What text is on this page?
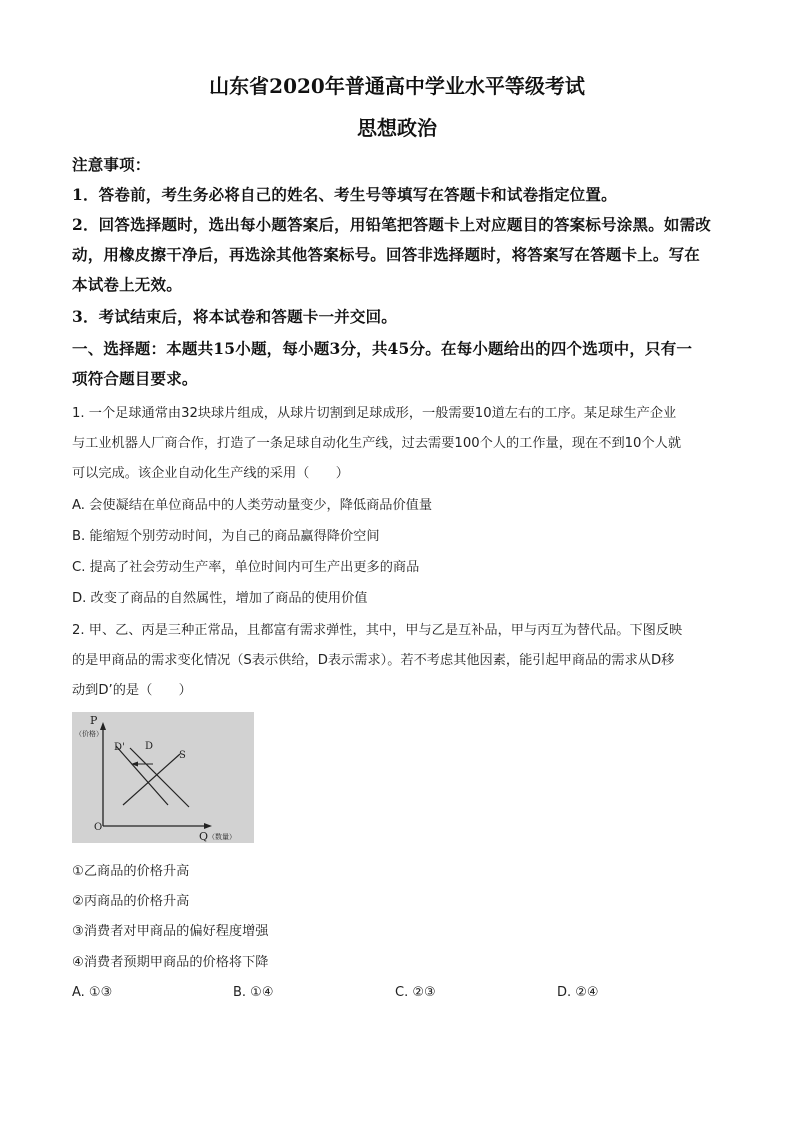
山东省2020年普通高中学业水平等级考试
思想政治
注意事项：
1．答卷前，考生务必将自己的姓名、考生号等填写在答题卡和试卷指定位置。
2．回答选择题时，选出每小题答案后，用铅笔把答题卡上对应题目的答案标号涂黑。如需改
动，用橡皮擦干净后，再选涂其他答案标号。回答非选择题时，将答案写在答题卡上。写在
本试卷上无效。
3．考试结束后，将本试卷和答题卡一并交回。
一、选择题：本题共15小题，每小题3分，共45分。在每小题给出的四个选项中，只有一
项符合题目要求。
1. 一个足球通常由32块球片组成，从球片切割到足球成形，一般需要10道左右的工序。某足球生产企业
与工业机器人厂商合作，打造了一条足球自动化生产线，过去需要100个人的工作量，现在不到10个人就
可以完成。该企业自动化生产线的采用（　　）
A. 会使凝结在单位商品中的人类劳动量变少，降低商品价值量
B. 能缩短个别劳动时间，为自己的商品赢得降价空间
C. 提高了社会劳动生产率，单位时间内可生产出更多的商品
D. 改变了商品的自然属性，增加了商品的使用价值
2. 甲、乙、丙是三种正常品，且都富有需求弹性，其中，甲与乙是互补品，甲与丙互为替代品。下图反映
的是甲商品的需求变化情况（S表示供给，D表示需求）。若不考虑其他因素，能引起甲商品的需求从D移
动到D’的是（　　）
P
（价格）
Q （数量）
O
D' D
S
①乙商品的价格升高
②丙商品的价格升高
③消费者对甲商品的偏好程度增强
④消费者预期甲商品的价格将下降
A. ①③	B. ①④	C. ②③	D. ②④
